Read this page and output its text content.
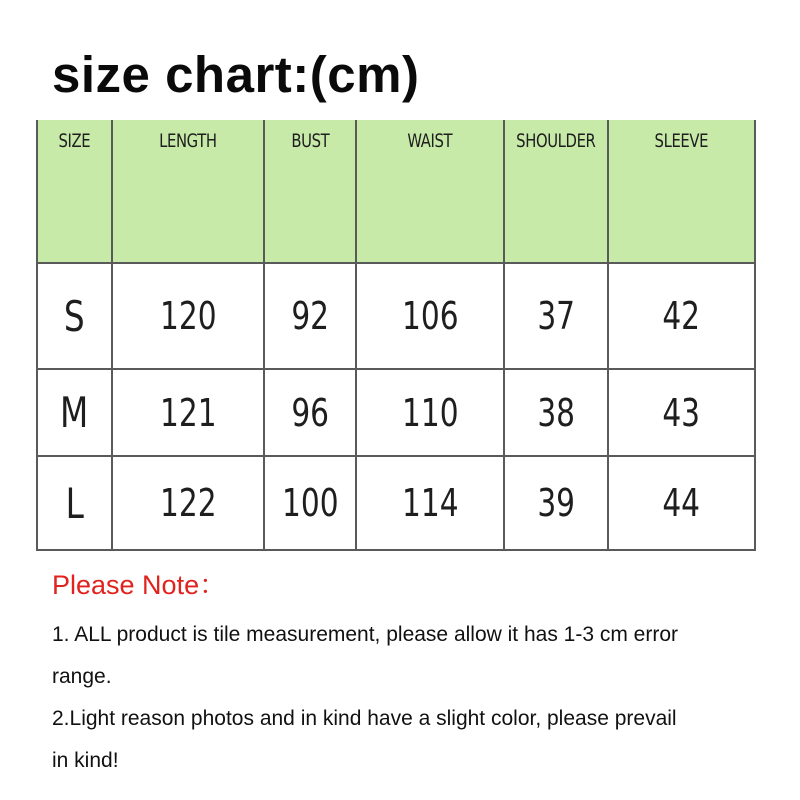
size chart:(cm)
SIZE	LENGTH	BUST	WAIST	SHOULDER	SLEEVE
S	120	92	106	37	42
M	121	96	110	38	43
L	122	100	114	39	44

Please Note：

1. ALL product is tile measurement, please allow it has 1-3 cm error

range.

2.Light reason photos and in kind have a slight color, please prevail

in kind!
